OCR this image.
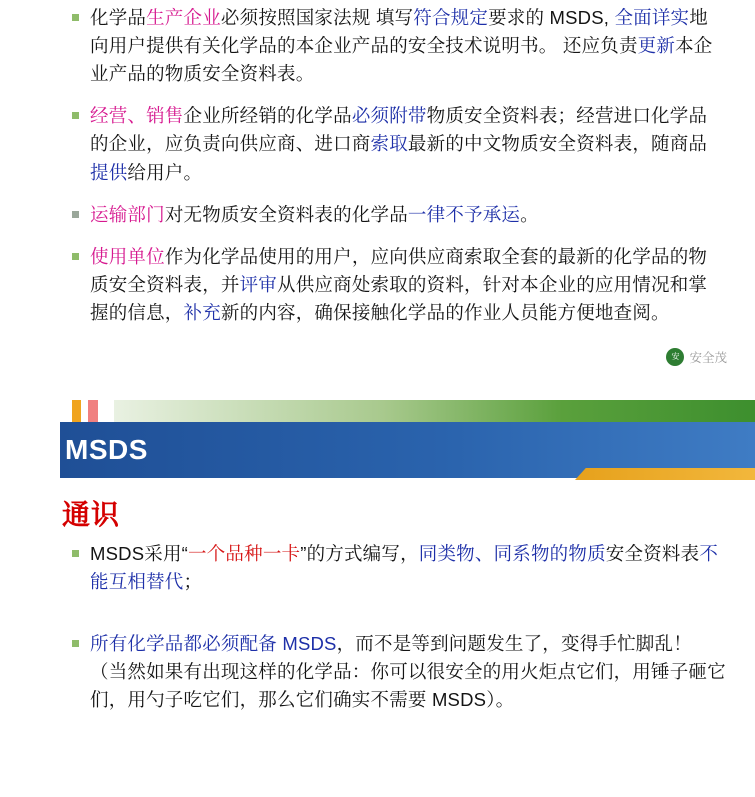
化学品生产企业必须按照国家法规 填写符合规定要求的 MSDS, 全面详实地向用户提供有关化学品的本企业产品的安全技术说明书。 还应负责更新本企业产品的物质安全资料表。
经营、销售企业所经销的化学品必须附带物质安全资料表；经营进口化学品的企业，应负责向供应商、进口商索取最新的中文物质安全资料表，随商品提供给用户。
运输部门对无物质安全资料表的化学品一律不予承运。
使用单位作为化学品使用的用户，应向供应商索取全套的最新的化学品的物质安全资料表，并评审从供应商处索取的资料，针对本企业的应用情况和掌握的信息，补充新的内容，确保接触化学品的作业人员能方便地查阅。
安 安全茂
MSDS
通识
MSDS采用“一个品种一卡”的方式编写，同类物、同系物的物质安全资料表不能互相替代；
所有化学品都必须配备 MSDS，而不是等到问题发生了，变得手忙脚乱！ （当然如果有出现这样的化学品：你可以很安全的用火炬点它们，用锤子砸它们，用勺子吃它们，那么它们确实不需要 MSDS）。
